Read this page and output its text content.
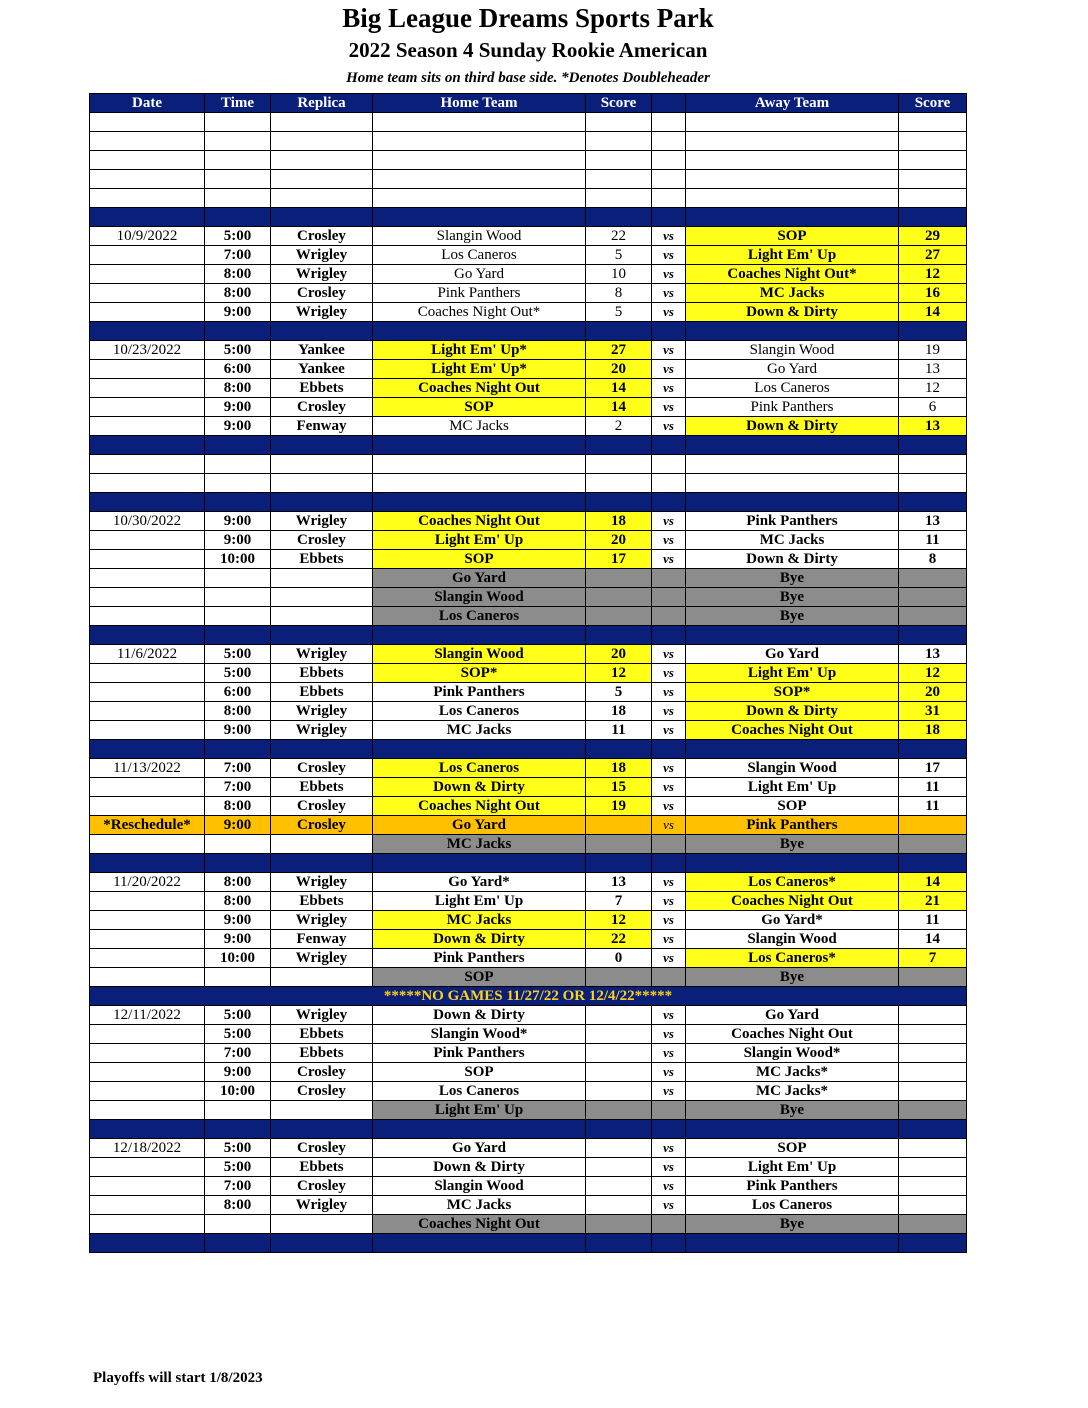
Big League Dreams Sports Park
2022 Season 4 Sunday Rookie American
Home team sits on third base side. *Denotes Doubleheader
Date	Time	Replica	Home Team	Score		Away Team	Score

10/9/2022	5:00	Crosley	Slangin Wood	22	vs	SOP	29
	7:00	Wrigley	Los Caneros	5	vs	Light Em' Up	27
	8:00	Wrigley	Go Yard	10	vs	Coaches Night Out*	12
	8:00	Crosley	Pink Panthers	8	vs	MC Jacks	16
	9:00	Wrigley	Coaches Night Out*	5	vs	Down & Dirty	14

10/23/2022	5:00	Yankee	Light Em' Up*	27	vs	Slangin Wood	19
	6:00	Yankee	Light Em' Up*	20	vs	Go Yard	13
	8:00	Ebbets	Coaches Night Out	14	vs	Los Caneros	12
	9:00	Crosley	SOP	14	vs	Pink Panthers	6
	9:00	Fenway	MC Jacks	2	vs	Down & Dirty	13

10/30/2022	9:00	Wrigley	Coaches Night Out	18	vs	Pink Panthers	13
	9:00	Crosley	Light Em' Up	20	vs	MC Jacks	11
	10:00	Ebbets	SOP	17	vs	Down & Dirty	8
			Go Yard			Bye	
			Slangin Wood			Bye	
			Los Caneros			Bye	

11/6/2022	5:00	Wrigley	Slangin Wood	20	vs	Go Yard	13
	5:00	Ebbets	SOP*	12	vs	Light Em' Up	12
	6:00	Ebbets	Pink Panthers	5	vs	SOP*	20
	8:00	Wrigley	Los Caneros	18	vs	Down & Dirty	31
	9:00	Wrigley	MC Jacks	11	vs	Coaches Night Out	18

11/13/2022	7:00	Crosley	Los Caneros	18	vs	Slangin Wood	17
	7:00	Ebbets	Down & Dirty	15	vs	Light Em' Up	11
	8:00	Crosley	Coaches Night Out	19	vs	SOP	11
*Reschedule*	9:00	Crosley	Go Yard		vs	Pink Panthers	
			MC Jacks			Bye	

11/20/2022	8:00	Wrigley	Go Yard*	13	vs	Los Caneros*	14
	8:00	Ebbets	Light Em' Up	7	vs	Coaches Night Out	21
	9:00	Wrigley	MC Jacks	12	vs	Go Yard*	11
	9:00	Fenway	Down & Dirty	22	vs	Slangin Wood	14
	10:00	Wrigley	Pink Panthers	0	vs	Los Caneros*	7
			SOP			Bye	
*****NO GAMES 11/27/22 OR 12/4/22*****							
12/11/2022	5:00	Wrigley	Down & Dirty		vs	Go Yard	
	5:00	Ebbets	Slangin Wood*		vs	Coaches Night Out	
	7:00	Ebbets	Pink Panthers		vs	Slangin Wood*	
	9:00	Crosley	SOP		vs	MC Jacks*	
	10:00	Crosley	Los Caneros		vs	MC Jacks*	
			Light Em' Up			Bye	

12/18/2022	5:00	Crosley	Go Yard		vs	SOP	
	5:00	Ebbets	Down & Dirty		vs	Light Em' Up	
	7:00	Crosley	Slangin Wood		vs	Pink Panthers	
	8:00	Wrigley	MC Jacks		vs	Los Caneros	
			Coaches Night Out			Bye	

Playoffs will start 1/8/2023
